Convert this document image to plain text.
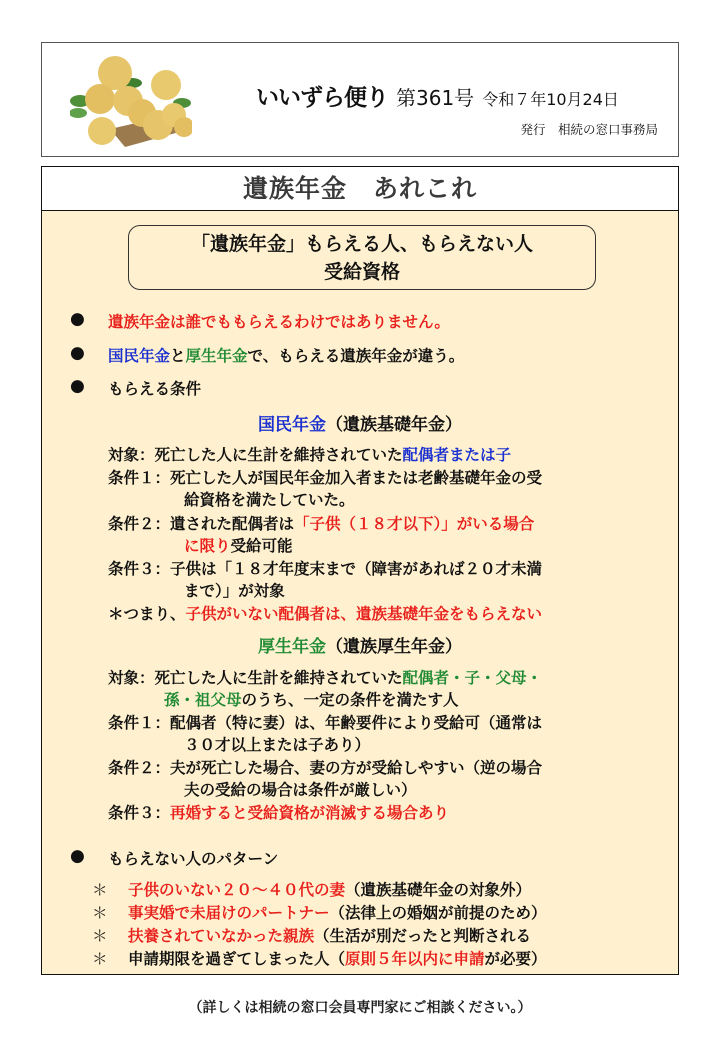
いいずら便り 第361号 令和７年10月24日
発行　相続の窓口事務局
遺族年金　あれこれ
「遺族年金」もらえる人、もらえない人
受給資格
● 遺族年金は誰でももらえるわけではありません。
● 国民年金と厚生年金で、もらえる遺族年金が違う。
● もらえる条件
国民年金（遺族基礎年金）
対象：死亡した人に生計を維持されていた配偶者または子
条件１：死亡した人が国民年金加入者または老齢基礎年金の受
給資格を満たしていた。
条件２：遺された配偶者は「子供（１８才以下）」がいる場合
に限り受給可能
条件３：子供は「１８才年度末まで（障害があれば２０才未満
まで）」が対象
＊つまり、子供がいない配偶者は、遺族基礎年金をもらえない
厚生年金（遺族厚生年金）
対象：死亡した人に生計を維持されていた配偶者・子・父母・
孫・祖父母のうち、一定の条件を満たす人
条件１：配偶者（特に妻）は、年齢要件により受給可（通常は
３０才以上または子あり）
条件２：夫が死亡した場合、妻の方が受給しやすい（逆の場合
夫の受給の場合は条件が厳しい）
条件３：再婚すると受給資格が消滅する場合あり
● もらえない人のパターン
＊ 子供のいない２０～４０代の妻（遺族基礎年金の対象外）
＊ 事実婚で未届けのパートナー（法律上の婚姻が前提のため）
＊ 扶養されていなかった親族（生活が別だったと判断される
＊ 申請期限を過ぎてしまった人（原則５年以内に申請が必要）
（詳しくは相続の窓口会員専門家にご相談ください。）
